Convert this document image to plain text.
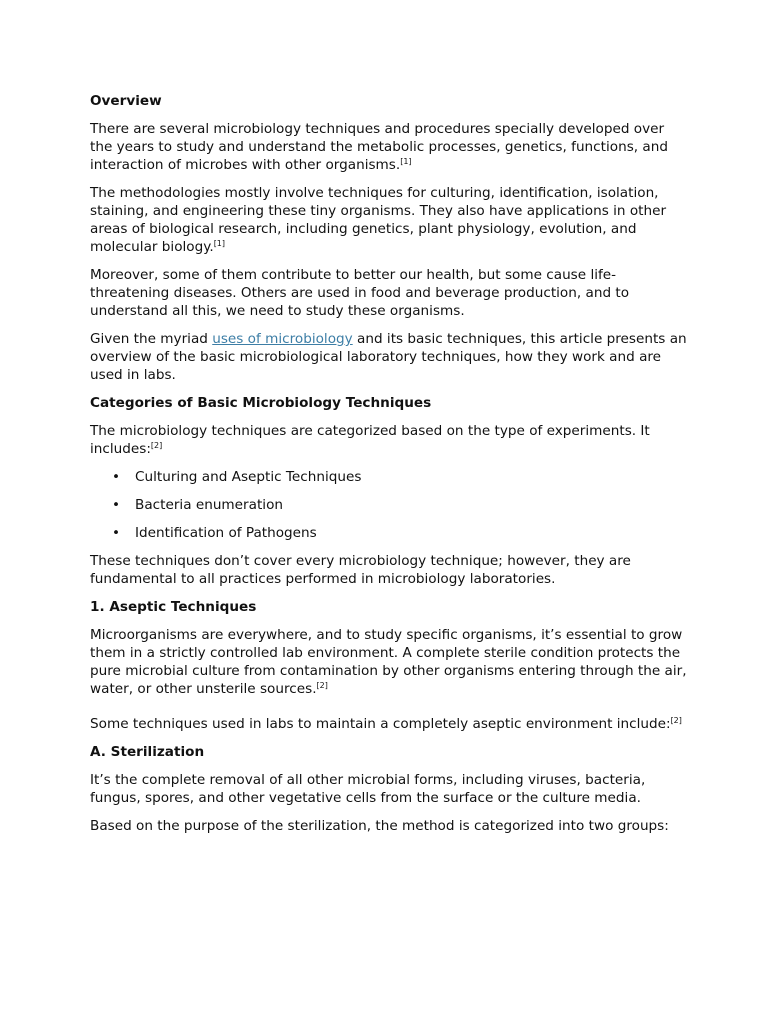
Overview

There are several microbiology techniques and procedures specially developed over the years to study and understand the metabolic processes, genetics, functions, and interaction of microbes with other organisms.[1]

The methodologies mostly involve techniques for culturing, identification, isolation, staining, and engineering these tiny organisms. They also have applications in other areas of biological research, including genetics, plant physiology, evolution, and molecular biology.[1]

Moreover, some of them contribute to better our health, but some cause life-threatening diseases. Others are used in food and beverage production, and to understand all this, we need to study these organisms.

Given the myriad uses of microbiology and its basic techniques, this article presents an overview of the basic microbiological laboratory techniques, how they work and are used in labs.

Categories of Basic Microbiology Techniques

The microbiology techniques are categorized based on the type of experiments. It includes:[2]

• Culturing and Aseptic Techniques
• Bacteria enumeration
• Identification of Pathogens

These techniques don’t cover every microbiology technique; however, they are fundamental to all practices performed in microbiology laboratories.

1. Aseptic Techniques

Microorganisms are everywhere, and to study specific organisms, it’s essential to grow them in a strictly controlled lab environment. A complete sterile condition protects the pure microbial culture from contamination by other organisms entering through the air, water, or other unsterile sources.[2]

Some techniques used in labs to maintain a completely aseptic environment include:[2]

A. Sterilization

It’s the complete removal of all other microbial forms, including viruses, bacteria, fungus, spores, and other vegetative cells from the surface or the culture media.

Based on the purpose of the sterilization, the method is categorized into two groups:
